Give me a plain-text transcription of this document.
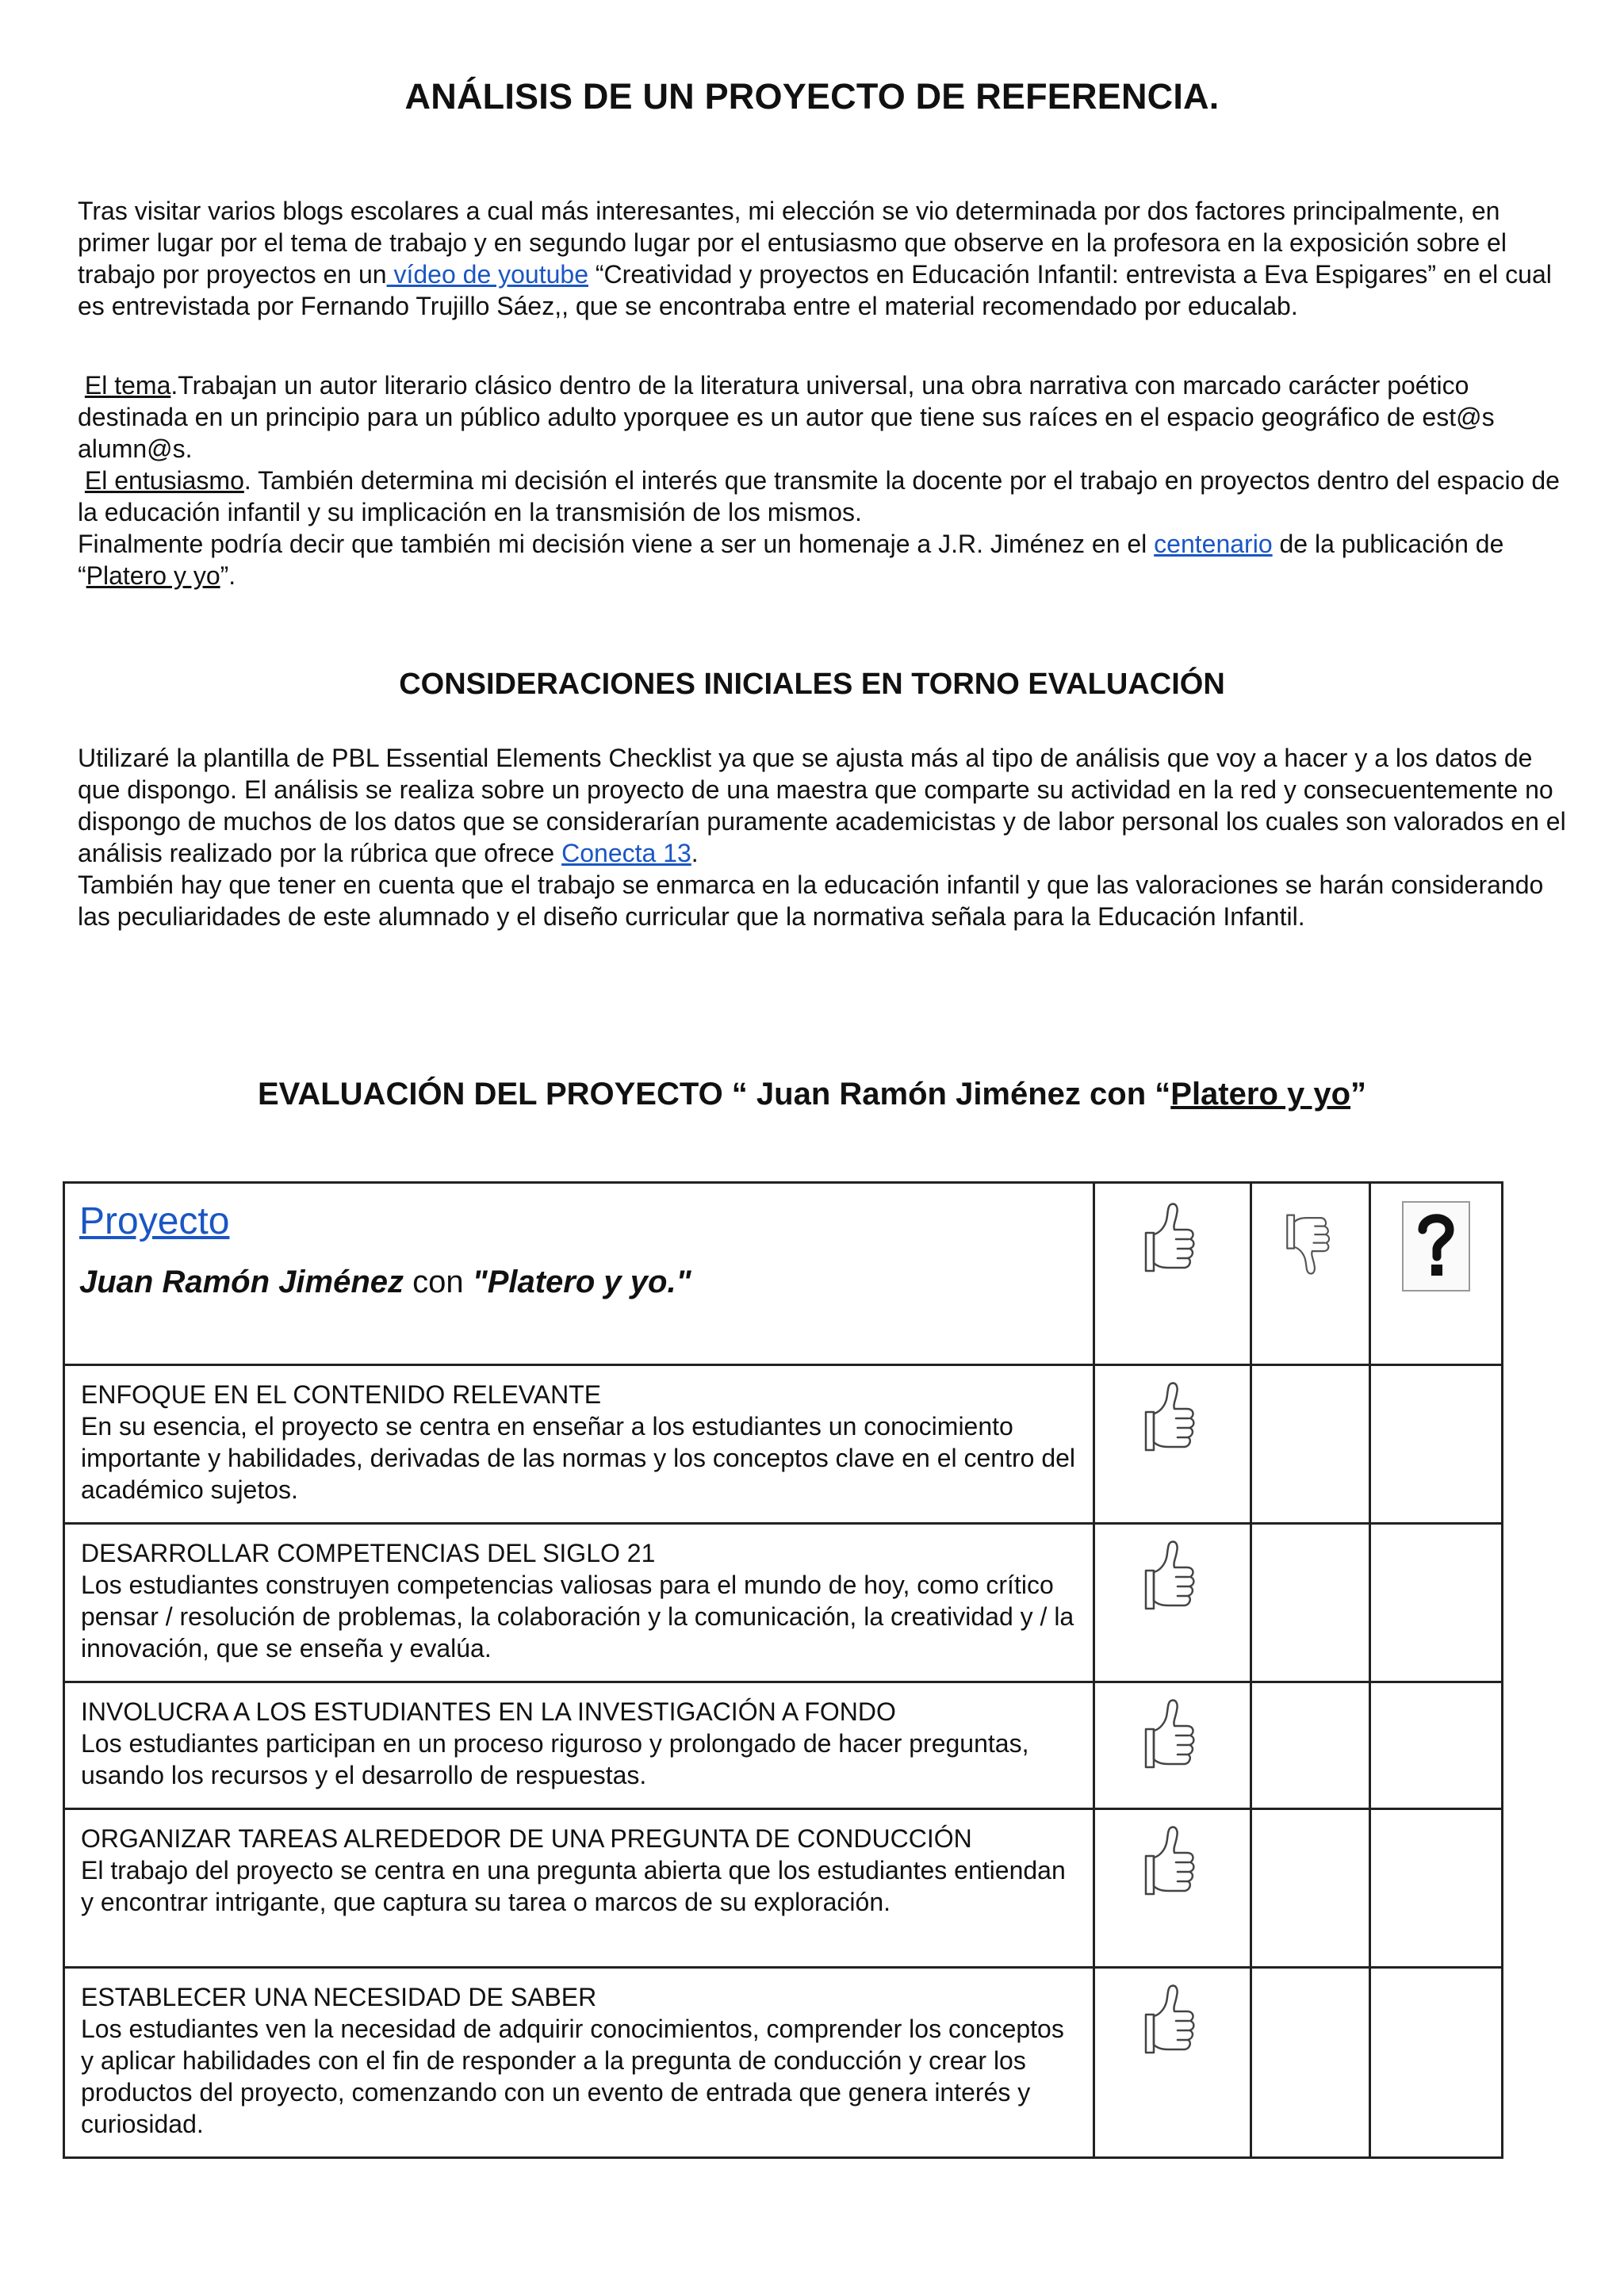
ANÁLISIS DE UN PROYECTO DE REFERENCIA.
Tras visitar varios blogs escolares a cual más interesantes, mi elección se vio determinada por dos factores principalmente, en primer lugar por el tema de trabajo y en segundo lugar por el entusiasmo que observe en la profesora en la exposición sobre el trabajo por proyectos en un vídeo de youtube “Creatividad y proyectos en Educación Infantil: entrevista a Eva Espigares” en el cual es entrevistada por Fernando Trujillo Sáez,, que se encontraba entre el material recomendado por educalab.
El tema.Trabajan un autor literario clásico dentro de la literatura universal, una obra narrativa con marcado carácter poético destinada en un principio para un público adulto yporquee es un autor que tiene sus raíces en el espacio geográfico de est@s alumn@s.
El entusiasmo. También determina mi decisión el interés que transmite la docente por el trabajo en proyectos dentro del espacio de la educación infantil y su implicación en la transmisión de los mismos.
Finalmente podría decir que también mi decisión viene a ser un homenaje a J.R. Jiménez en el centenario de la publicación de “Platero y yo”.
CONSIDERACIONES INICIALES EN TORNO EVALUACIÓN
Utilizaré la plantilla de PBL Essential Elements Checklist ya que se ajusta más al tipo de análisis que voy a hacer y a los datos de que dispongo. El análisis se realiza sobre un proyecto de una maestra que comparte su actividad en la red y consecuentemente no dispongo de muchos de los datos que se considerarían puramente academicistas y de labor personal los cuales son valorados en el análisis realizado por la rúbrica que ofrece Conecta 13.
También hay que tener en cuenta que el trabajo se enmarca en la educación infantil y que las valoraciones se harán considerando las peculiaridades de este alumnado y el diseño curricular que la normativa señala para la Educación Infantil.
EVALUACIÓN DEL PROYECTO “ Juan Ramón Jiménez con “Platero y yo”
Proyecto
Juan Ramón Jiménez con "Platero y yo."

ENFOQUE EN EL CONTENIDO RELEVANTE
En su esencia, el proyecto se centra en enseñar a los estudiantes un conocimiento importante y habilidades, derivadas de las normas y los conceptos clave en el centro del académico sujetos.

DESARROLLAR COMPETENCIAS DEL SIGLO 21
Los estudiantes construyen competencias valiosas para el mundo de hoy, como crítico pensar / resolución de problemas, la colaboración y la comunicación, la creatividad y / la innovación, que se enseña y evalúa.

INVOLUCRA A LOS ESTUDIANTES EN LA INVESTIGACIÓN A FONDO
Los estudiantes participan en un proceso riguroso y prolongado de hacer preguntas, usando los recursos y el desarrollo de respuestas.

ORGANIZAR TAREAS ALREDEDOR DE UNA PREGUNTA DE CONDUCCIÓN
El trabajo del proyecto se centra en una pregunta abierta que los estudiantes entiendan y encontrar intrigante, que captura su tarea o marcos de su exploración.

ESTABLECER UNA NECESIDAD DE SABER
Los estudiantes ven la necesidad de adquirir conocimientos, comprender los conceptos y aplicar habilidades con el fin de responder a la pregunta de conducción y crear los productos del proyecto, comenzando con un evento de entrada que genera interés y curiosidad.
